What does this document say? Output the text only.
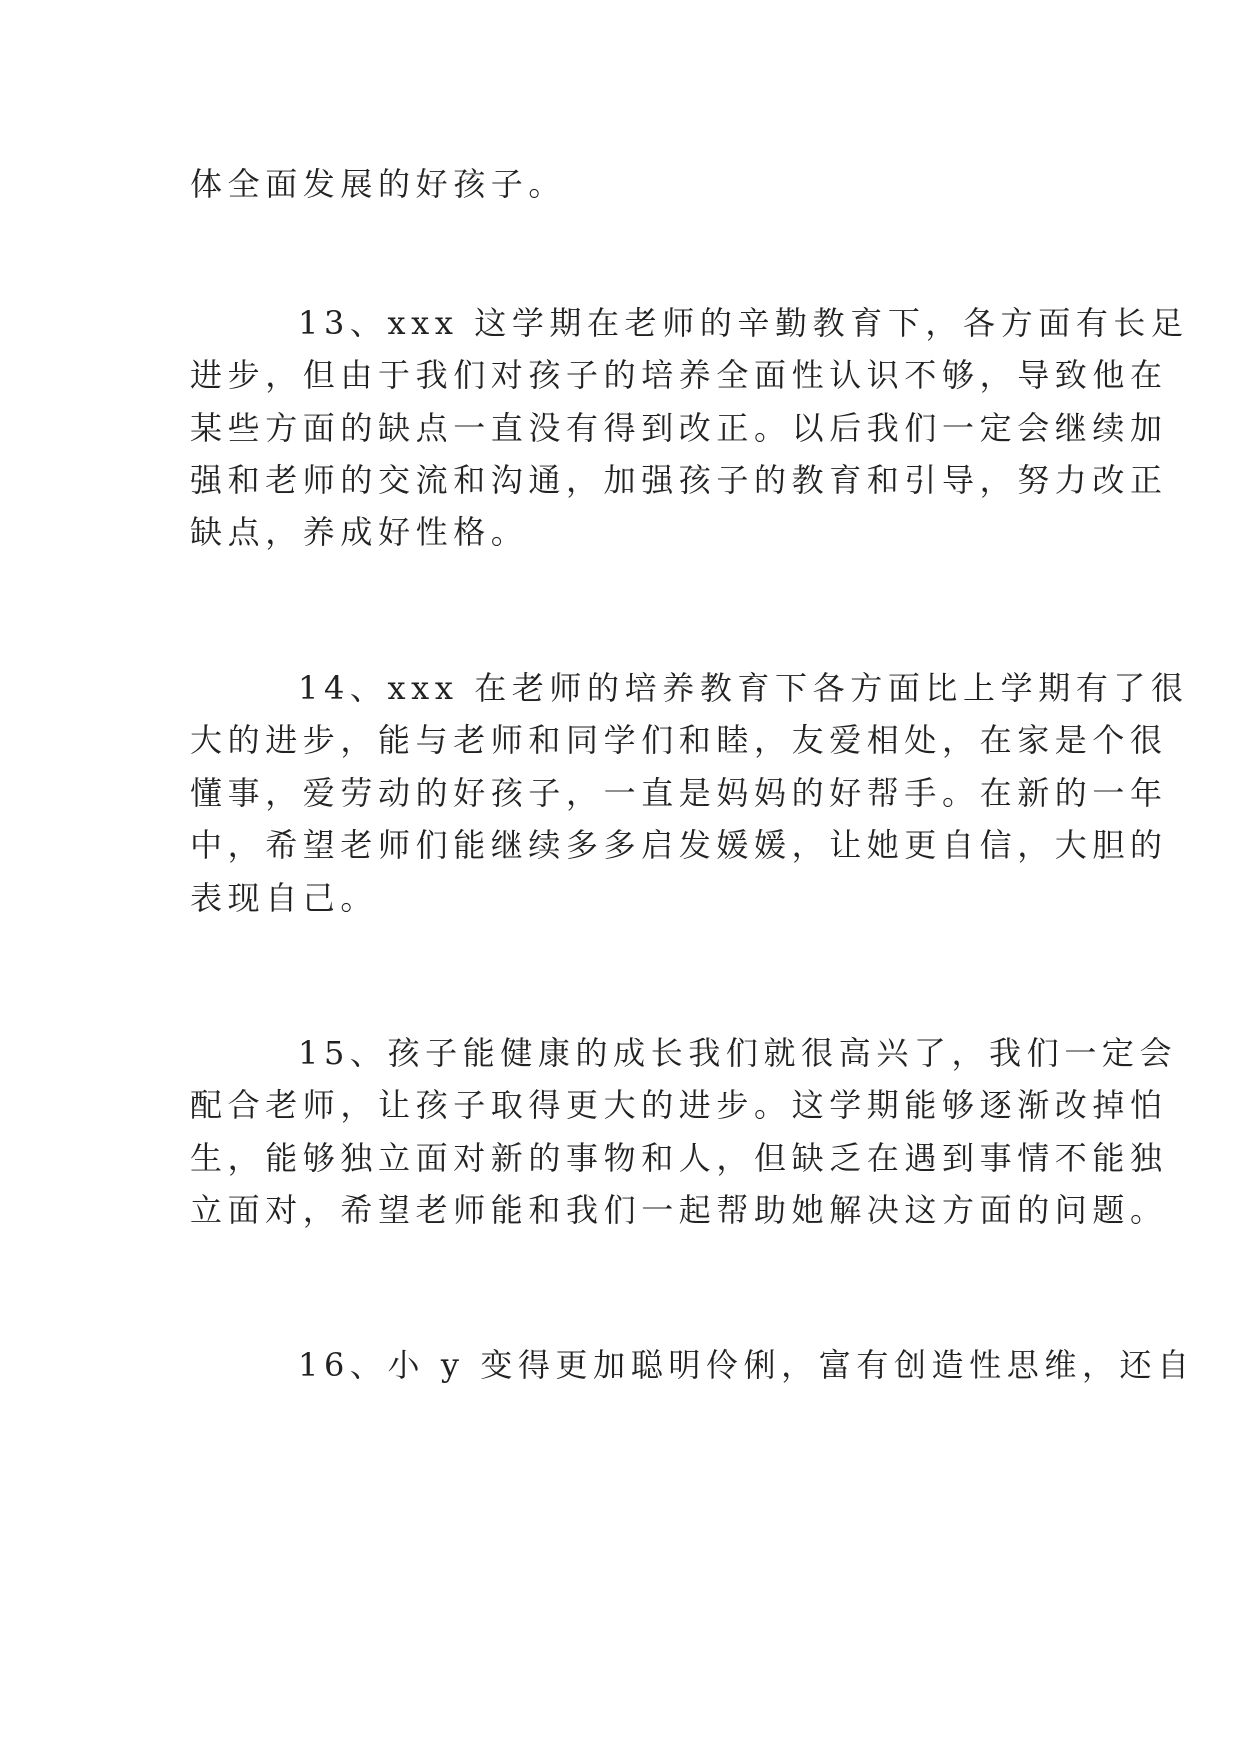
体全面发展的好孩子。
13、xxx 这学期在老师的辛勤教育下，各方面有长足
进步，但由于我们对孩子的培养全面性认识不够，导致他在
某些方面的缺点一直没有得到改正。以后我们一定会继续加
强和老师的交流和沟通，加强孩子的教育和引导，努力改正
缺点，养成好性格。
14、xxx 在老师的培养教育下各方面比上学期有了很
大的进步，能与老师和同学们和睦，友爱相处，在家是个很
懂事，爱劳动的好孩子，一直是妈妈的好帮手。在新的一年
中，希望老师们能继续多多启发媛媛，让她更自信，大胆的
表现自己。
15、孩子能健康的成长我们就很高兴了，我们一定会
配合老师，让孩子取得更大的进步。这学期能够逐渐改掉怕
生，能够独立面对新的事物和人，但缺乏在遇到事情不能独
立面对，希望老师能和我们一起帮助她解决这方面的问题。
16、小 y 变得更加聪明伶俐，富有创造性思维，还自
